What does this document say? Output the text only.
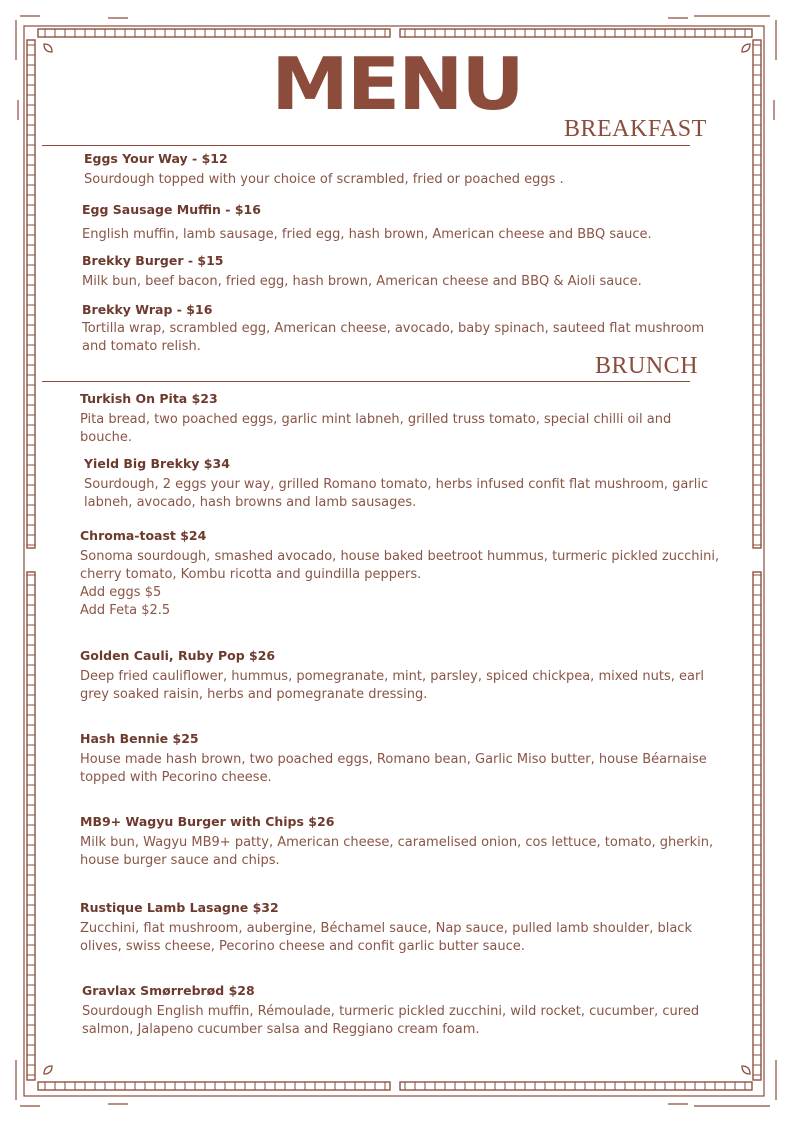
MENU
BREAKFAST
Eggs Your Way - $12
Sourdough topped with your choice of scrambled, fried or poached eggs .
Egg Sausage Muffin - $16
English muffin, lamb sausage, fried egg, hash brown, American cheese and BBQ sauce.
Brekky Burger - $15
Milk bun, beef bacon, fried egg, hash brown, American cheese and BBQ & Aioli sauce.
Brekky Wrap - $16
Tortilla wrap, scrambled egg, American cheese, avocado, baby spinach, sauteed flat mushroom and tomato relish.
BRUNCH
Turkish On Pita $23
Pita bread, two poached eggs, garlic mint labneh, grilled truss tomato, special chilli oil and bouche.
Yield Big Brekky $34
Sourdough, 2 eggs your way, grilled Romano tomato, herbs infused confit flat mushroom, garlic labneh, avocado, hash browns and lamb sausages.
Chroma-toast $24
Sonoma sourdough, smashed avocado, house baked beetroot hummus, turmeric pickled zucchini, cherry tomato, Kombu ricotta and guindilla peppers.
Add eggs $5
Add Feta $2.5
Golden Cauli, Ruby Pop $26
Deep fried cauliflower, hummus, pomegranate, mint, parsley, spiced chickpea, mixed nuts, earl grey soaked raisin, herbs and pomegranate dressing.
Hash Bennie $25
House made hash brown, two poached eggs, Romano bean, Garlic Miso butter, house Béarnaise topped with Pecorino cheese.
MB9+ Wagyu Burger with Chips $26
Milk bun, Wagyu MB9+ patty, American cheese, caramelised onion, cos lettuce, tomato, gherkin, house burger sauce and chips.
Rustique Lamb Lasagne $32
Zucchini, flat mushroom, aubergine, Béchamel sauce, Nap sauce, pulled lamb shoulder, black olives, swiss cheese, Pecorino cheese and confit garlic butter sauce.
Gravlax Smørrebrød $28
Sourdough English muffin, Rémoulade, turmeric pickled zucchini, wild rocket, cucumber, cured salmon, Jalapeno cucumber salsa and Reggiano cream foam.
